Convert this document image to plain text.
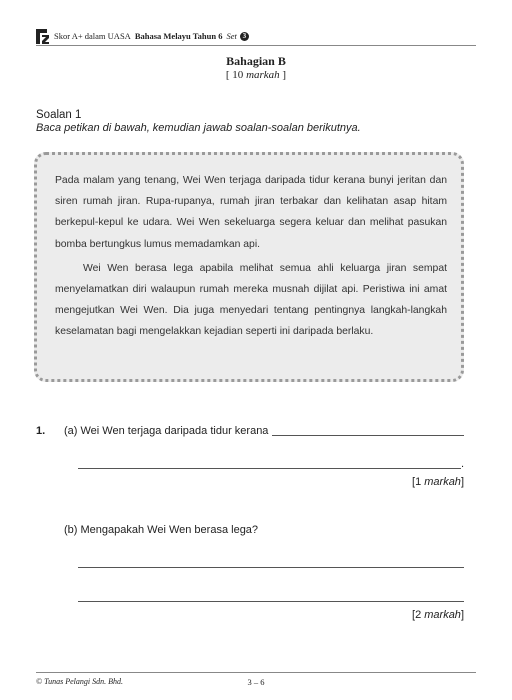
Skor A+ dalam UASA Bahasa Melayu Tahun 6 Set 3
Bahagian B
[ 10 markah ]
Soalan 1
Baca petikan di bawah, kemudian jawab soalan-soalan berikutnya.

Pada malam yang tenang, Wei Wen terjaga daripada tidur kerana bunyi jeritan dan siren rumah jiran. Rupa-rupanya, rumah jiran terbakar dan kelihatan asap hitam berkepul-kepul ke udara. Wei Wen sekeluarga segera keluar dan melihat pasukan bomba bertungkus lumus memadamkan api.

Wei Wen berasa lega apabila melihat semua ahli keluarga jiran sempat menyelamatkan diri walaupun rumah mereka musnah dijilat api. Peristiwa ini amat mengejutkan Wei Wen. Dia juga menyedari tentang pentingnya langkah-langkah keselamatan bagi mengelakkan kejadian seperti ini daripada berlaku.

1. (a) Wei Wen terjaga daripada tidur kerana
.
[1 markah]
(b) Mengapakah Wei Wen berasa lega?
[2 markah]
© Tunas Pelangi Sdn. Bhd.	3 – 6
